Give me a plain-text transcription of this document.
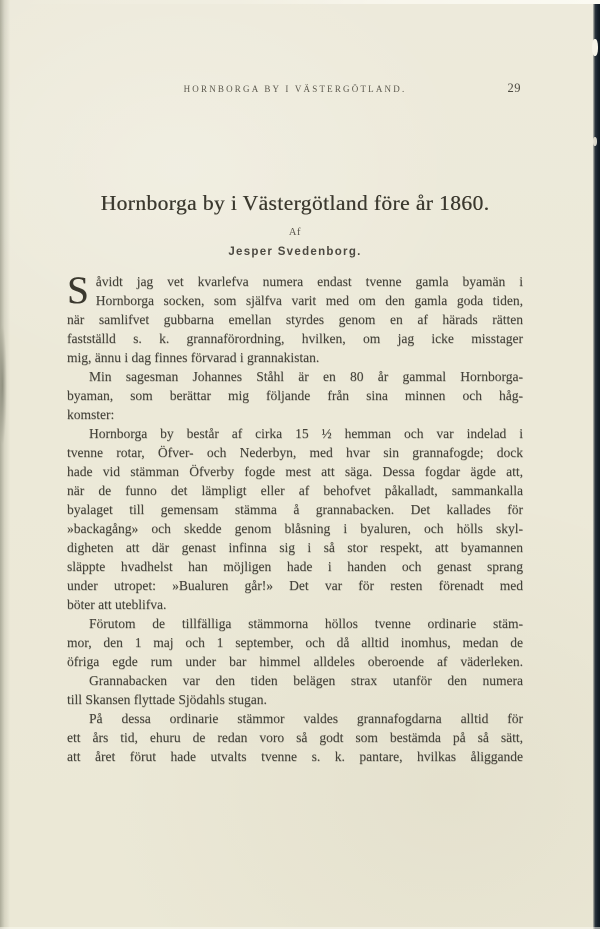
HORNBORGA BY I VÄSTERGÖTLAND.	29
Hornborga by i Västergötland före år 1860.
Af
Jesper Svedenborg.
S åvidt jag vet kvarlefva numera endast tvenne gamla byamän i
Hornborga socken, som själfva varit med om den gamla goda tiden,
när samlifvet gubbarna emellan styrdes genom en af härads rätten
fastställd s. k. grannaförordning, hvilken, om jag icke misstager
mig, ännu i dag finnes förvarad i grannakistan.
Min sagesman Johannes Ståhl är en 80 år gammal Hornborga-
byaman, som berättar mig följande från sina minnen och håg-
komster:
Hornborga by består af cirka 15 ½ hemman och var indelad i
tvenne rotar, Öfver- och Nederbyn, med hvar sin grannafogde; dock
hade vid stämman Öfverby fogde mest att säga. Dessa fogdar ägde att,
när de funno det lämpligt eller af behofvet påkalladt, sammankalla
byalaget till gemensam stämma å grannabacken. Det kallades för
»backagång» och skedde genom blåsning i byaluren, och hölls skyl-
digheten att där genast infinna sig i så stor respekt, att byamannen
släppte hvadhelst han möjligen hade i handen och genast sprang
under utropet: »Bualuren går!» Det var för resten förenadt med
böter att uteblifva.
Förutom de tillfälliga stämmorna höllos tvenne ordinarie stäm-
mor, den 1 maj och 1 september, och då alltid inomhus, medan de
öfriga egde rum under bar himmel alldeles oberoende af väderleken.
Grannabacken var den tiden belägen strax utanför den numera
till Skansen flyttade Sjödahls stugan.
På dessa ordinarie stämmor valdes grannafogdarna alltid för
ett års tid, ehuru de redan voro så godt som bestämda på så sätt,
att året förut hade utvalts tvenne s. k. pantare, hvilkas åliggande
